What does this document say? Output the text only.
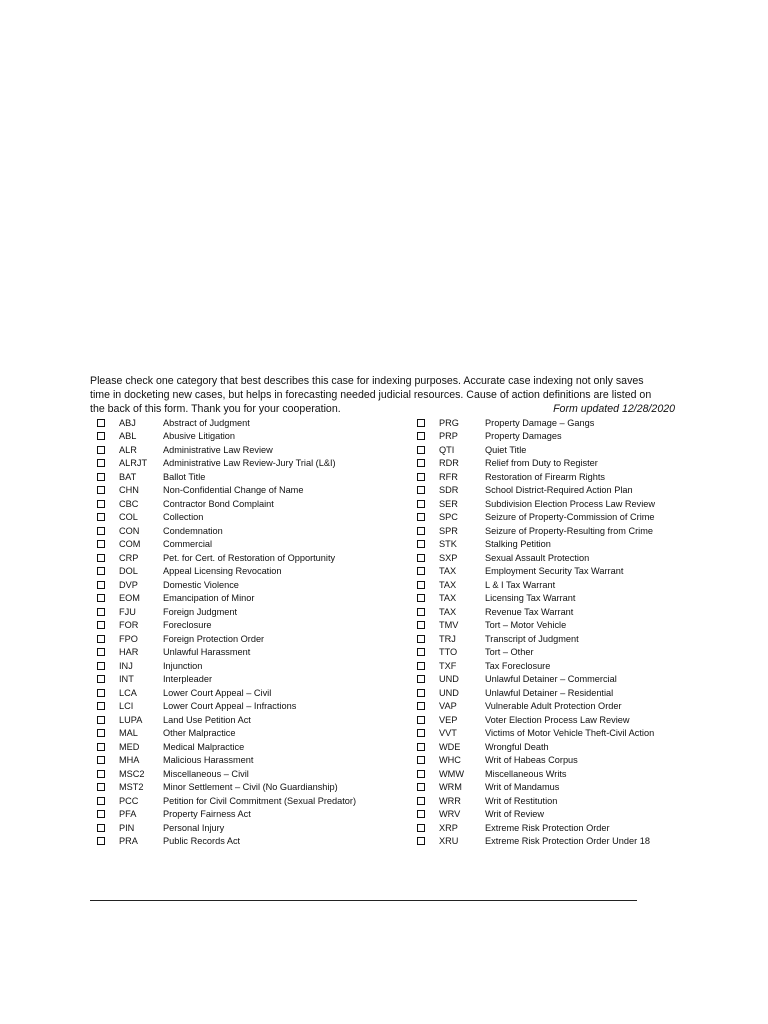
Please check one category that best describes this case for indexing purposes. Accurate case indexing not only saves

time in docketing new cases, but helps in forecasting needed judicial resources. Cause of action definitions are listed on

the back of this form. Thank you for your cooperation.	Form updated 12/28/2020

ABJ	Abstract of Judgment
ABL	Abusive Litigation
ALR	Administrative Law Review
ALRJT	Administrative Law Review-Jury Trial (L&I)
BAT	Ballot Title
CHN	Non-Confidential Change of Name
CBC	Contractor Bond Complaint
COL	Collection
CON	Condemnation
COM	Commercial
CRP	Pet. for Cert. of Restoration of Opportunity
DOL	Appeal Licensing Revocation
DVP	Domestic Violence
EOM	Emancipation of Minor
FJU	Foreign Judgment
FOR	Foreclosure
FPO	Foreign Protection Order
HAR	Unlawful Harassment
INJ	Injunction
INT	Interpleader
LCA	Lower Court Appeal – Civil
LCI	Lower Court Appeal – Infractions
LUPA	Land Use Petition Act
MAL	Other Malpractice
MED	Medical Malpractice
MHA	Malicious Harassment
MSC2	Miscellaneous – Civil
MST2	Minor Settlement – Civil (No Guardianship)
PCC	Petition for Civil Commitment (Sexual Predator)
PFA	Property Fairness Act
PIN	Personal Injury
PRA	Public Records Act
PRG	Property Damage – Gangs
PRP	Property Damages
QTI	Quiet Title
RDR	Relief from Duty to Register
RFR	Restoration of Firearm Rights
SDR	School District-Required Action Plan
SER	Subdivision Election Process Law Review
SPC	Seizure of Property-Commission of Crime
SPR	Seizure of Property-Resulting from Crime
STK	Stalking Petition
SXP	Sexual Assault Protection
TAX	Employment Security Tax Warrant
TAX	L & I Tax Warrant
TAX	Licensing Tax Warrant
TAX	Revenue Tax Warrant
TMV	Tort – Motor Vehicle
TRJ	Transcript of Judgment
TTO	Tort – Other
TXF	Tax Foreclosure
UND	Unlawful Detainer – Commercial
UND	Unlawful Detainer – Residential
VAP	Vulnerable Adult Protection Order
VEP	Voter Election Process Law Review
VVT	Victims of Motor Vehicle Theft-Civil Action
WDE	Wrongful Death
WHC	Writ of Habeas Corpus
WMW	Miscellaneous Writs
WRM	Writ of Mandamus
WRR	Writ of Restitution
WRV	Writ of Review
XRP	Extreme Risk Protection Order
XRU	Extreme Risk Protection Order Under 18
